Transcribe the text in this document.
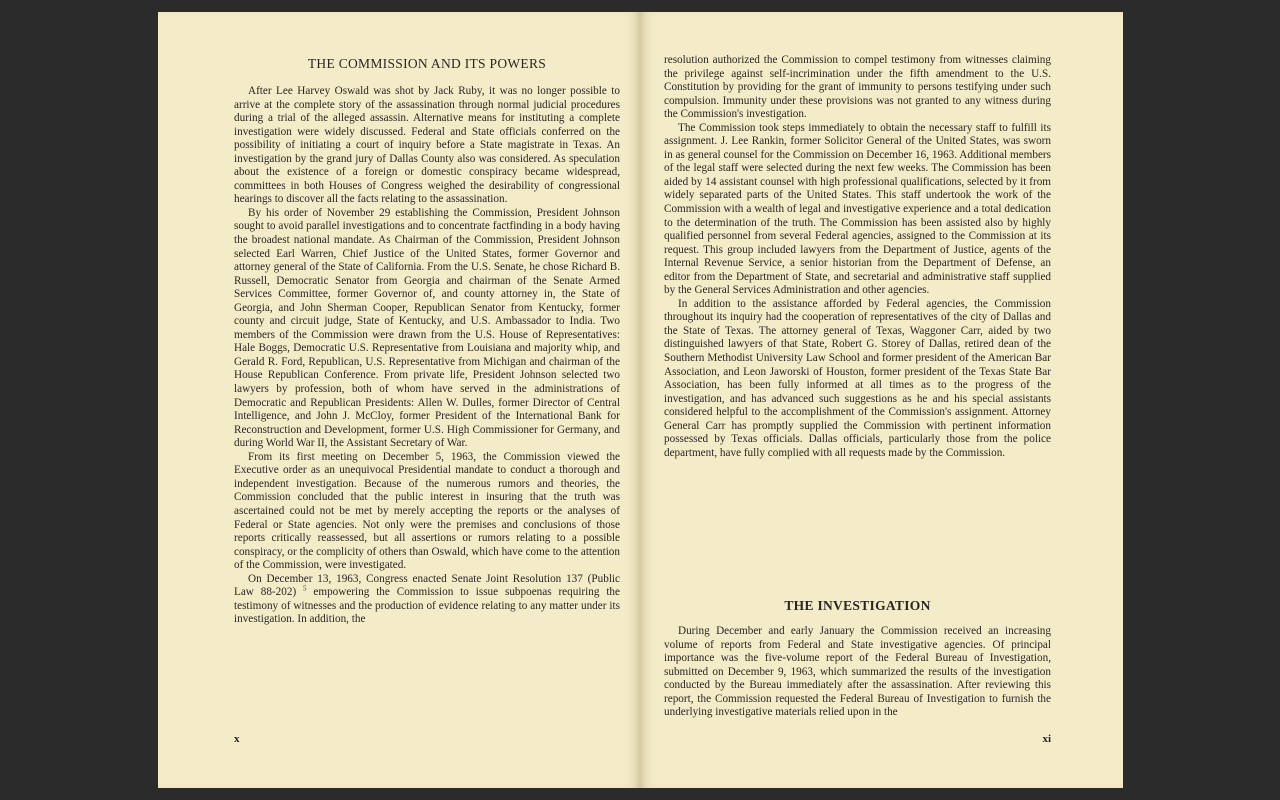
THE COMMISSION AND ITS POWERS

After Lee Harvey Oswald was shot by Jack Ruby, it was no longer possible to arrive at the complete story of the assassination through normal judicial procedures during a trial of the alleged assassin. Alternative means for instituting a complete investigation were widely discussed. Federal and State officials conferred on the possibility of initiating a court of inquiry before a State magistrate in Texas. An investigation by the grand jury of Dallas County also was considered. As speculation about the existence of a foreign or domestic conspiracy became widespread, committees in both Houses of Congress weighed the desirability of congressional hearings to discover all the facts relating to the assassination.

By his order of November 29 establishing the Commission, President Johnson sought to avoid parallel investigations and to concentrate factfinding in a body having the broadest national mandate. As Chairman of the Commission, President Johnson selected Earl Warren, Chief Justice of the United States, former Governor and attorney general of the State of California. From the U.S. Senate, he chose Richard B. Russell, Democratic Senator from Georgia and chairman of the Senate Armed Services Committee, former Governor of, and county attorney in, the State of Georgia, and John Sherman Cooper, Republican Senator from Kentucky, former county and circuit judge, State of Kentucky, and U.S. Ambassador to India. Two members of the Commission were drawn from the U.S. House of Representatives: Hale Boggs, Democratic U.S. Representative from Louisiana and majority whip, and Gerald R. Ford, Republican, U.S. Representative from Michigan and chairman of the House Republican Conference. From private life, President Johnson selected two lawyers by profession, both of whom have served in the administrations of Democratic and Republican Presidents: Allen W. Dulles, former Director of Central Intelligence, and John J. McCloy, former President of the International Bank for Reconstruction and Development, former U.S. High Commissioner for Germany, and during World War II, the Assistant Secretary of War.

From its first meeting on December 5, 1963, the Commission viewed the Executive order as an unequivocal Presidential mandate to conduct a thorough and independent investigation. Because of the numerous rumors and theories, the Commission concluded that the public interest in insuring that the truth was ascertained could not be met by merely accepting the reports or the analyses of Federal or State agencies. Not only were the premises and conclusions of those reports critically reassessed, but all assertions or rumors relating to a possible conspiracy, or the complicity of others than Oswald, which have come to the attention of the Commission, were investigated.

On December 13, 1963, Congress enacted Senate Joint Resolution 137 (Public Law 88-202) $^5$ empowering the Commission to issue subpoenas requiring the testimony of witnesses and the production of evidence relating to any matter under its investigation. In addition, the

x

resolution authorized the Commission to compel testimony from witnesses claiming the privilege against self-incrimination under the fifth amendment to the U.S. Constitution by providing for the grant of immunity to persons testifying under such compulsion. Immunity under these provisions was not granted to any witness during the Commission's investigation.

The Commission took steps immediately to obtain the necessary staff to fulfill its assignment. J. Lee Rankin, former Solicitor General of the United States, was sworn in as general counsel for the Commission on December 16, 1963. Additional members of the legal staff were selected during the next few weeks. The Commission has been aided by 14 assistant counsel with high professional qualifications, selected by it from widely separated parts of the United States. This staff undertook the work of the Commission with a wealth of legal and investigative experience and a total dedication to the determination of the truth. The Commission has been assisted also by highly qualified personnel from several Federal agencies, assigned to the Commission at its request. This group included lawyers from the Department of Justice, agents of the Internal Revenue Service, a senior historian from the Department of Defense, an editor from the Department of State, and secretarial and administrative staff supplied by the General Services Administration and other agencies.

In addition to the assistance afforded by Federal agencies, the Commission throughout its inquiry had the cooperation of representatives of the city of Dallas and the State of Texas. The attorney general of Texas, Waggoner Carr, aided by two distinguished lawyers of that State, Robert G. Storey of Dallas, retired dean of the Southern Methodist University Law School and former president of the American Bar Association, and Leon Jaworski of Houston, former president of the Texas State Bar Association, has been fully informed at all times as to the progress of the investigation, and has advanced such suggestions as he and his special assistants considered helpful to the accomplishment of the Commission's assignment. Attorney General Carr has promptly supplied the Commission with pertinent information possessed by Texas officials. Dallas officials, particularly those from the police department, have fully complied with all requests made by the Commission.

THE INVESTIGATION

During December and early January the Commission received an increasing volume of reports from Federal and State investigative agencies. Of principal importance was the five-volume report of the Federal Bureau of Investigation, submitted on December 9, 1963, which summarized the results of the investigation conducted by the Bureau immediately after the assassination. After reviewing this report, the Commission requested the Federal Bureau of Investigation to furnish the underlying investigative materials relied upon in the

xi
